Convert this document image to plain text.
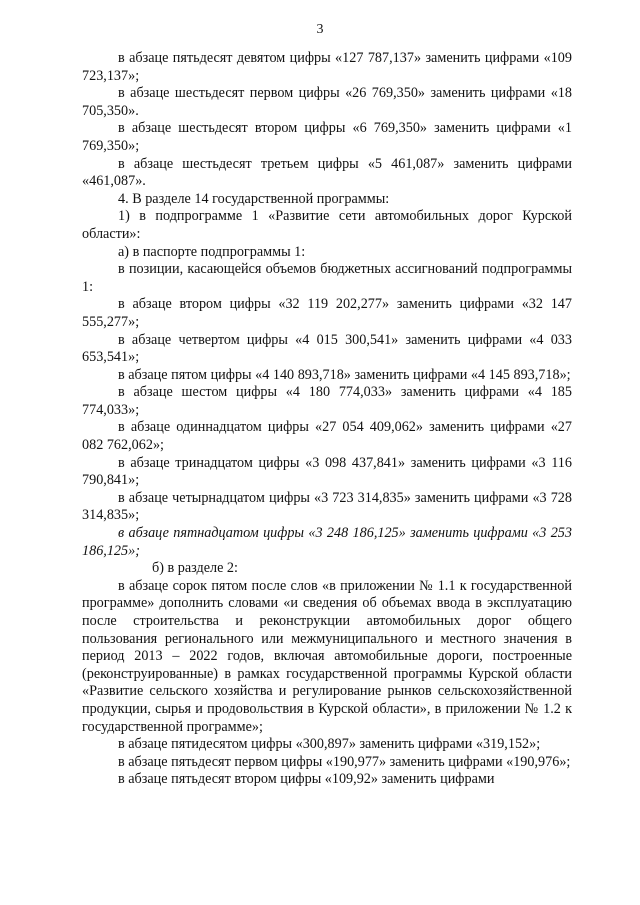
3

в абзаце пятьдесят девятом цифры «127 787,137» заменить цифрами «109 723,137»;

в абзаце шестьдесят первом цифры «26 769,350» заменить цифрами «18 705,350».

в абзаце шестьдесят втором цифры «6 769,350» заменить цифрами «1 769,350»;

в абзаце шестьдесят третьем цифры «5 461,087» заменить цифрами «461,087».

4. В разделе 14 государственной программы:

1) в подпрограмме 1 «Развитие сети автомобильных дорог Курской области»:

а) в паспорте подпрограммы 1:

в позиции, касающейся объемов бюджетных ассигнований подпрограммы 1:

в абзаце втором цифры «32 119 202,277» заменить цифрами «32 147 555,277»;

в абзаце четвертом цифры «4 015 300,541» заменить цифрами «4 033 653,541»;

в абзаце пятом цифры «4 140 893,718» заменить цифрами «4 145 893,718»;

в абзаце шестом цифры «4 180 774,033» заменить цифрами «4 185 774,033»;

в абзаце одиннадцатом цифры «27 054 409,062» заменить цифрами «27 082 762,062»;

в абзаце тринадцатом цифры «3 098 437,841» заменить цифрами «3 116 790,841»;

в абзаце четырнадцатом цифры «3 723 314,835» заменить цифрами «3 728 314,835»;

в абзаце пятнадцатом цифры «3 248 186,125» заменить цифрами «3 253 186,125»;

б) в разделе 2:

в абзаце сорок пятом после слов «в приложении № 1.1 к государственной программе» дополнить словами «и сведения об объемах ввода в эксплуатацию после строительства и реконструкции автомобильных дорог общего пользования регионального или межмуниципального и местного значения в период 2013 – 2022 годов, включая автомобильные дороги, построенные (реконструированные) в рамках государственной программы Курской области «Развитие сельского хозяйства и регулирование рынков сельскохозяйственной продукции, сырья и продовольствия в Курской области», в приложении № 1.2 к государственной программе»;

в абзаце пятидесятом цифры «300,897» заменить цифрами «319,152»;

в абзаце пятьдесят первом цифры «190,977» заменить цифрами «190,976»;

в абзаце пятьдесят втором цифры «109,92» заменить цифрами
